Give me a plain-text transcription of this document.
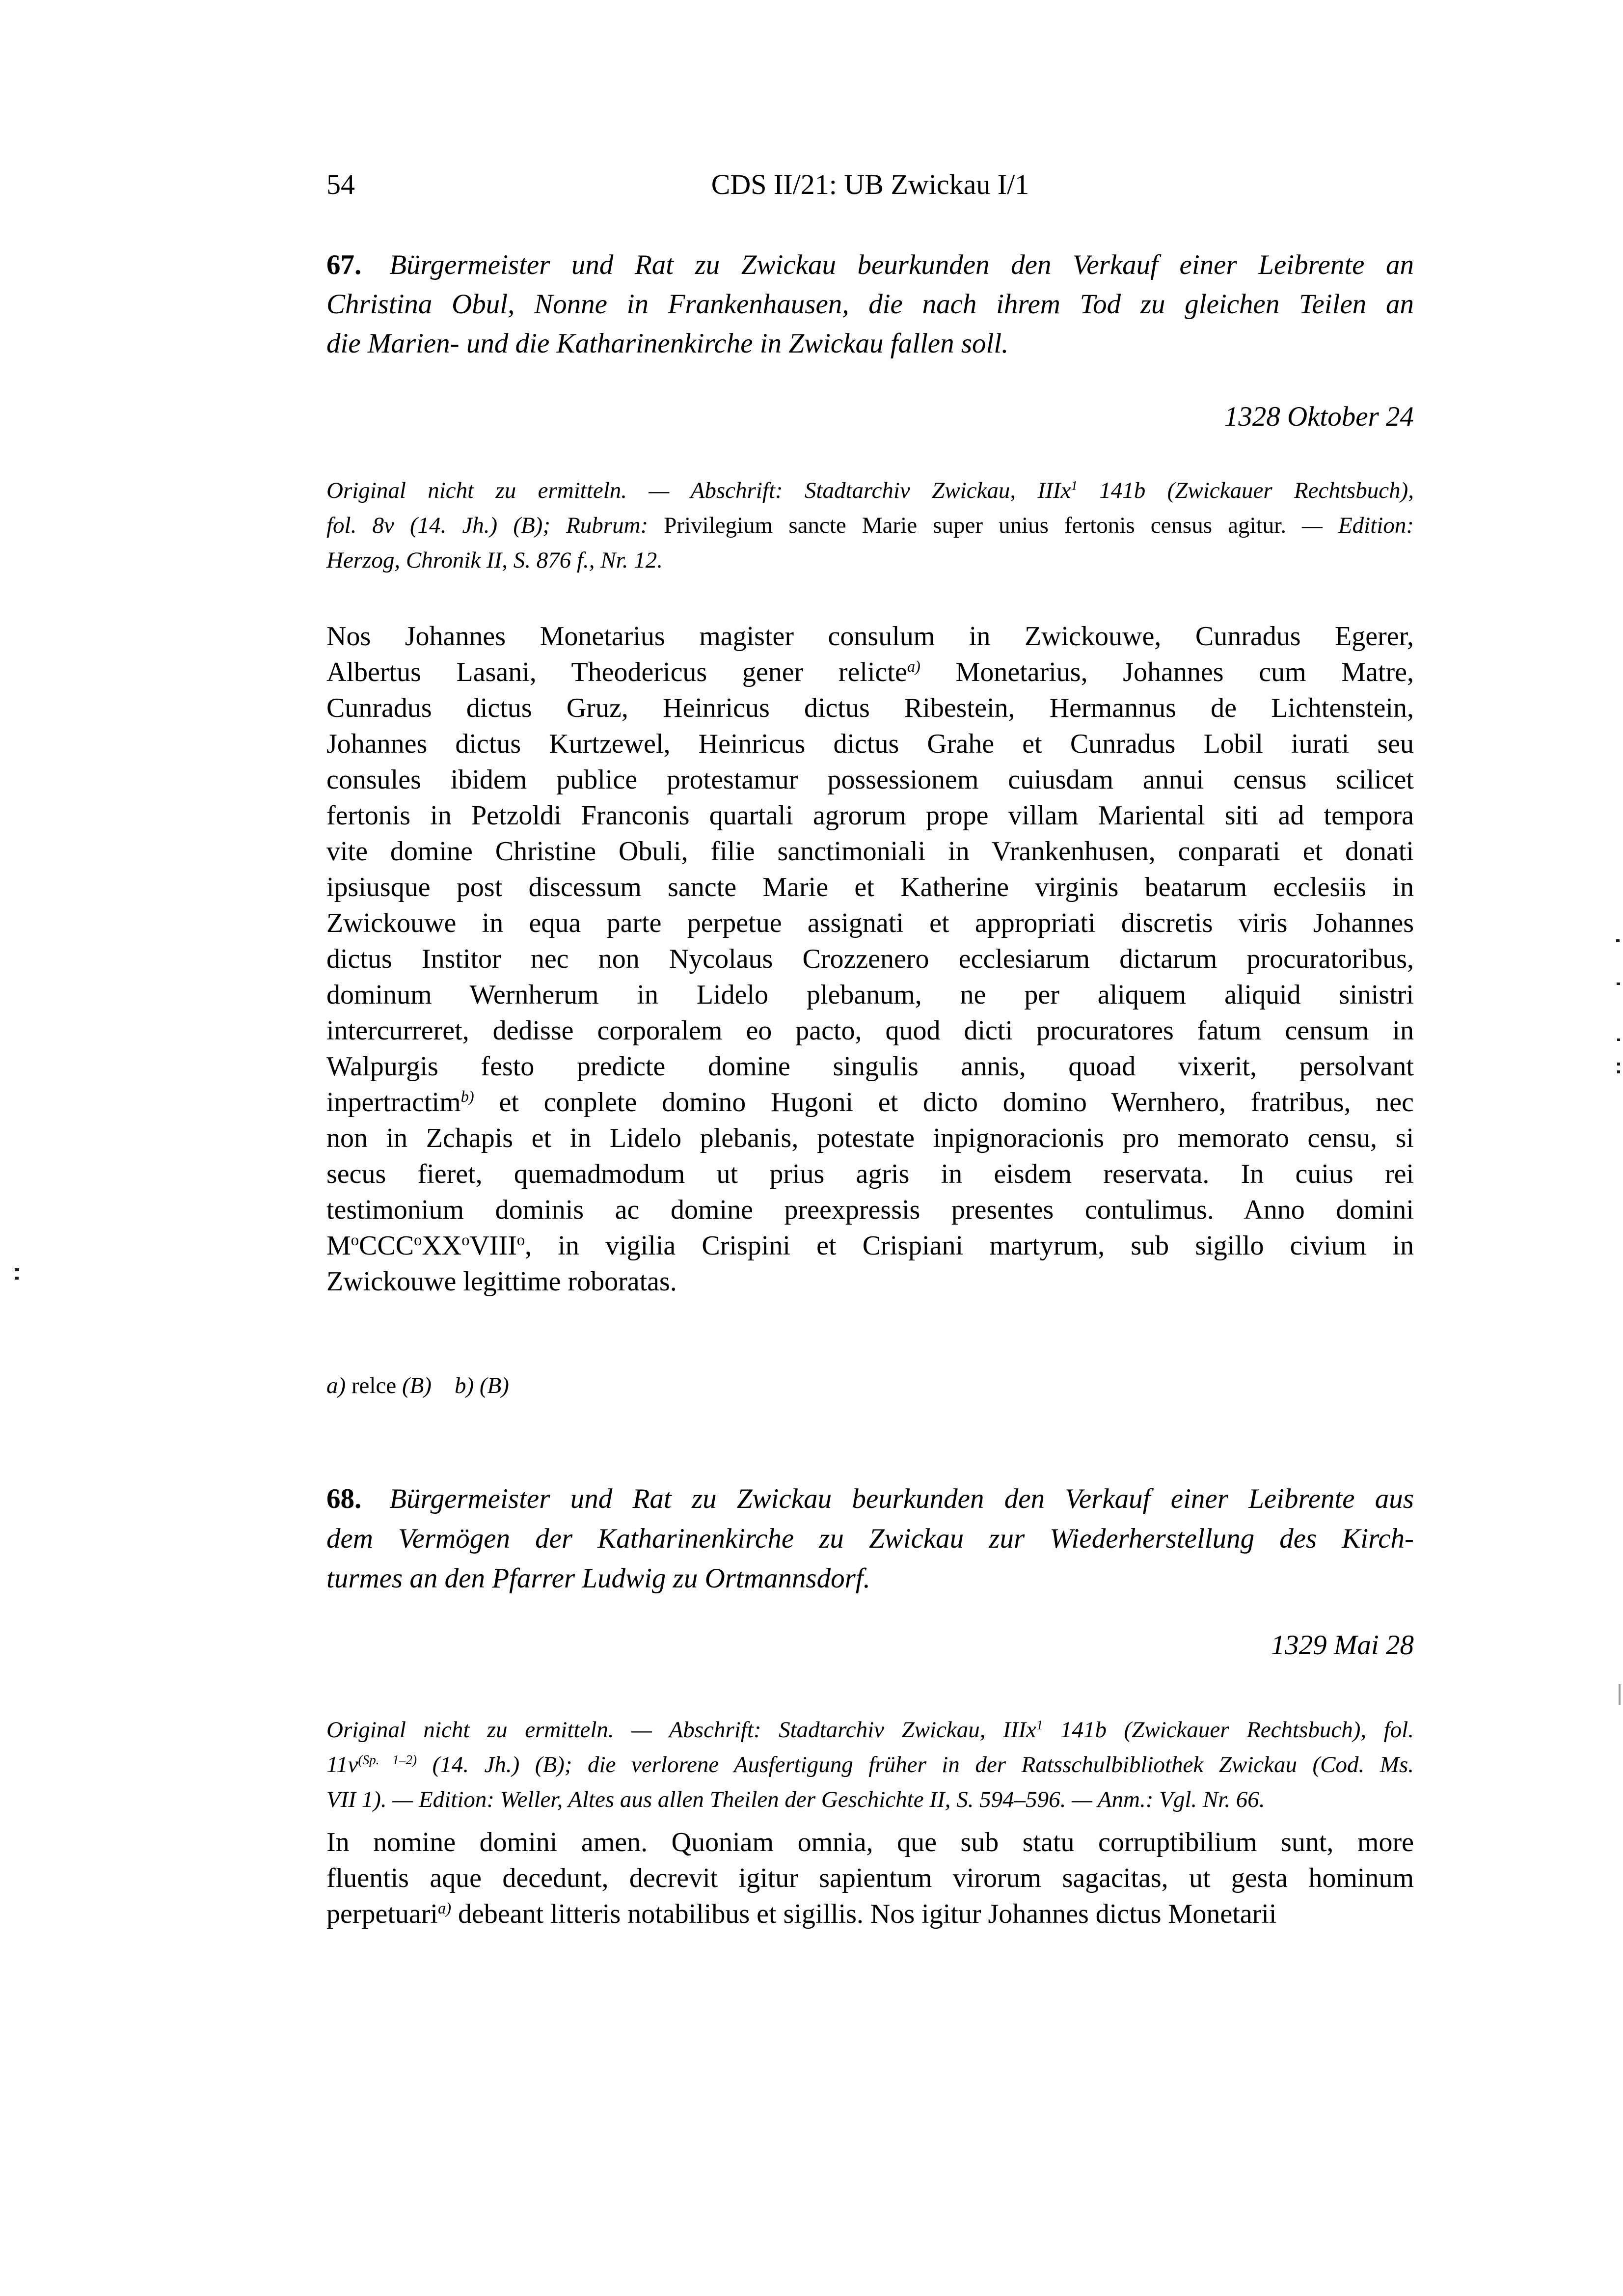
54	CDS II/21: UB Zwickau I/1
67.  Bürgermeister und Rat zu Zwickau beurkunden den Verkauf einer Leibrente an
Christina Obul, Nonne in Frankenhausen, die nach ihrem Tod zu gleichen Teilen an
die Marien- und die Katharinenkirche in Zwickau fallen soll.
1328 Oktober 24
Original nicht zu ermitteln. — Abschrift: Stadtarchiv Zwickau, IIIx$^1$ 141b (Zwickauer Rechtsbuch),
fol. 8v (14. Jh.) (B); Rubrum: Privilegium sancte Marie super unius fertonis census agitur. — Edition:
Herzog, Chronik II, S. 876 f., Nr. 12.
Nos Johannes Monetarius magister consulum in Zwickouwe, Cunradus Egerer,
Albertus Lasani, Theodericus gener relicte$^{a)}$ Monetarius, Johannes cum Matre,
Cunradus dictus Gruz, Heinricus dictus Ribestein, Hermannus de Lichtenstein,
Johannes dictus Kurtzewel, Heinricus dictus Grahe et Cunradus Lobil iurati seu
consules ibidem publice protestamur possessionem cuiusdam annui census scilicet
fertonis in Petzoldi Franconis quartali agrorum prope villam Mariental siti ad tempora
vite domine Christine Obuli, filie sanctimoniali in Vrankenhusen, conparati et donati
ipsiusque post discessum sancte Marie et Katherine virginis beatarum ecclesiis in
Zwickouwe in equa parte perpetue assignati et appropriati discretis viris Johannes
dictus Institor nec non Nycolaus Crozzenero ecclesiarum dictarum procuratoribus,
dominum Wernherum in Lidelo plebanum, ne per aliquem aliquid sinistri
intercurreret, dedisse corporalem eo pacto, quod dicti procuratores fatum censum in
Walpurgis festo predicte domine singulis annis, quoad vixerit, persolvant
inpertractim$^{b)}$ et conplete domino Hugoni et dicto domino Wernhero, fratribus, nec
non in Zchapis et in Lidelo plebanis, potestate inpignoracionis pro memorato censu, si
secus fieret, quemadmodum ut prius agris in eisdem reservata. In cuius rei
testimonium dominis ac domine preexpressis presentes contulimus. Anno domini
$M^oCCC^oXX^oVIII^o$, in vigilia Crispini et Crispiani martyrum, sub sigillo civium in
Zwickouwe legittime roboratas.
a) relce (B)   b) (B)
68.  Bürgermeister und Rat zu Zwickau beurkunden den Verkauf einer Leibrente aus
dem Vermögen der Katharinenkirche zu Zwickau zur Wiederherstellung des Kirch-
turmes an den Pfarrer Ludwig zu Ortmannsdorf.
1329 Mai 28
Original nicht zu ermitteln. — Abschrift: Stadtarchiv Zwickau, IIIx$^1$ 141b (Zwickauer Rechtsbuch), fol.
$11v^{(Sp. 1-2)}$ (14. Jh.) (B); die verlorene Ausfertigung früher in der Ratsschulbibliothek Zwickau (Cod. Ms.
VII 1). — Edition: Weller, Altes aus allen Theilen der Geschichte II, S. 594–596. — Anm.: Vgl. Nr. 66.
In nomine domini amen. Quoniam omnia, que sub statu corruptibilium sunt, more
fluentis aque decedunt, decrevit igitur sapientum virorum sagacitas, ut gesta hominum
perpetuari$^{a)}$ debeant litteris notabilibus et sigillis. Nos igitur Johannes dictus Monetarii
